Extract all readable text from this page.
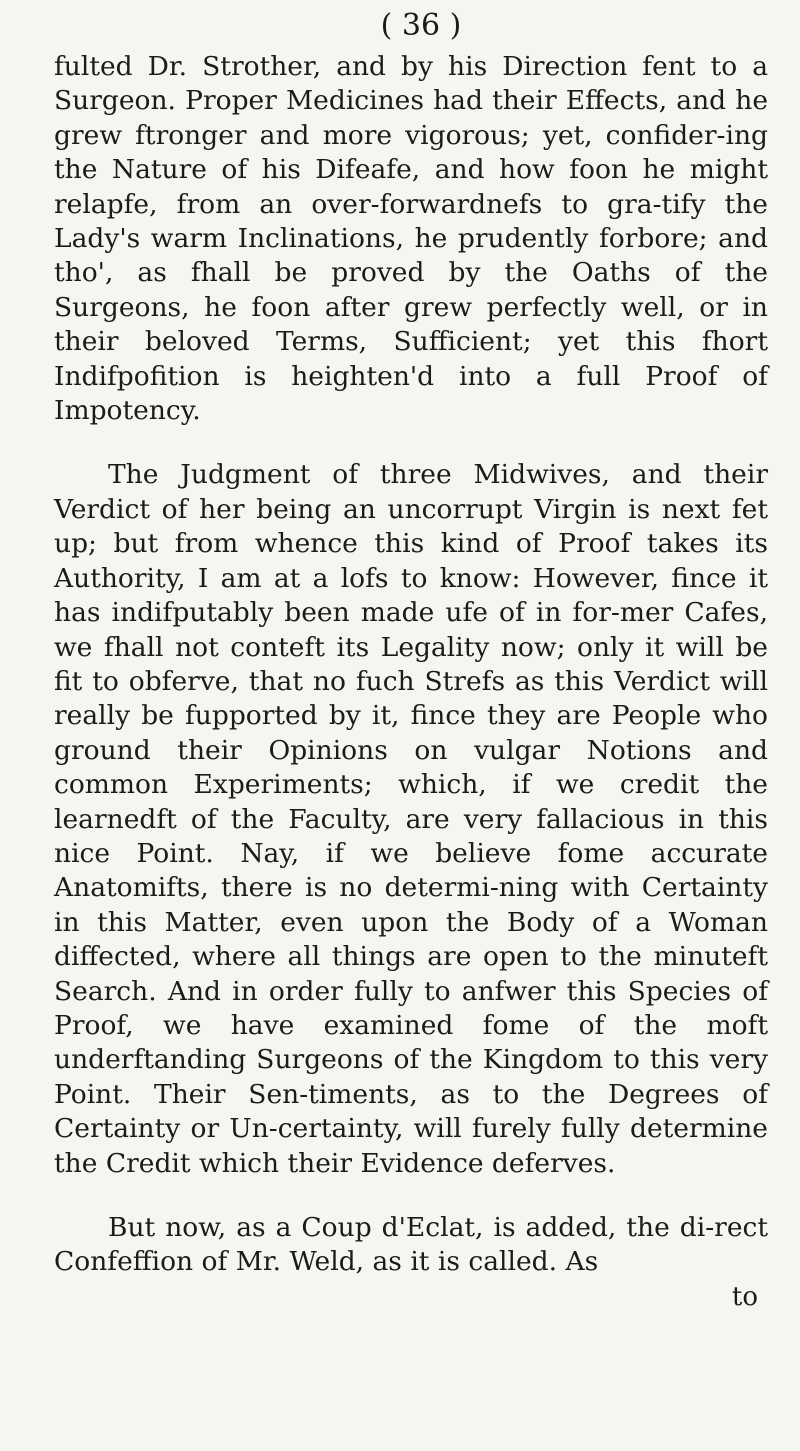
( 36 )

fulted Dr. Strother, and by his Direction fent to a Surgeon. Proper Medicines had their Effects, and he grew ftronger and more vigorous; yet, confider-ing the Nature of his Difeafe, and how foon he might relapfe, from an over-forwardnefs to gra-tify the Lady's warm Inclinations, he prudently forbore; and tho', as fhall be proved by the Oaths of the Surgeons, he foon after grew perfectly well, or in their beloved Terms, Sufficient; yet this fhort Indifpofition is heighten'd into a full Proof of Impotency.

The Judgment of three Midwives, and their Verdict of her being an uncorrupt Virgin is next fet up; but from whence this kind of Proof takes its Authority, I am at a lofs to know: However, fince it has indifputably been made ufe of in for-mer Cafes, we fhall not conteft its Legality now; only it will be fit to obferve, that no fuch Strefs as this Verdict will really be fupported by it, fince they are People who ground their Opinions on vulgar Notions and common Experiments; which, if we credit the learnedft of the Faculty, are very fallacious in this nice Point. Nay, if we believe fome accurate Anatomifts, there is no determi-ning with Certainty in this Matter, even upon the Body of a Woman diffected, where all things are open to the minuteft Search. And in order fully to anfwer this Species of Proof, we have examined fome of the moft underftanding Surgeons of the Kingdom to this very Point. Their Sen-timents, as to the Degrees of Certainty or Un-certainty, will furely fully determine the Credit which their Evidence deferves.

But now, as a Coup d'Eclat, is added, the di-rect Confeffion of Mr. Weld, as it is called. As

to
